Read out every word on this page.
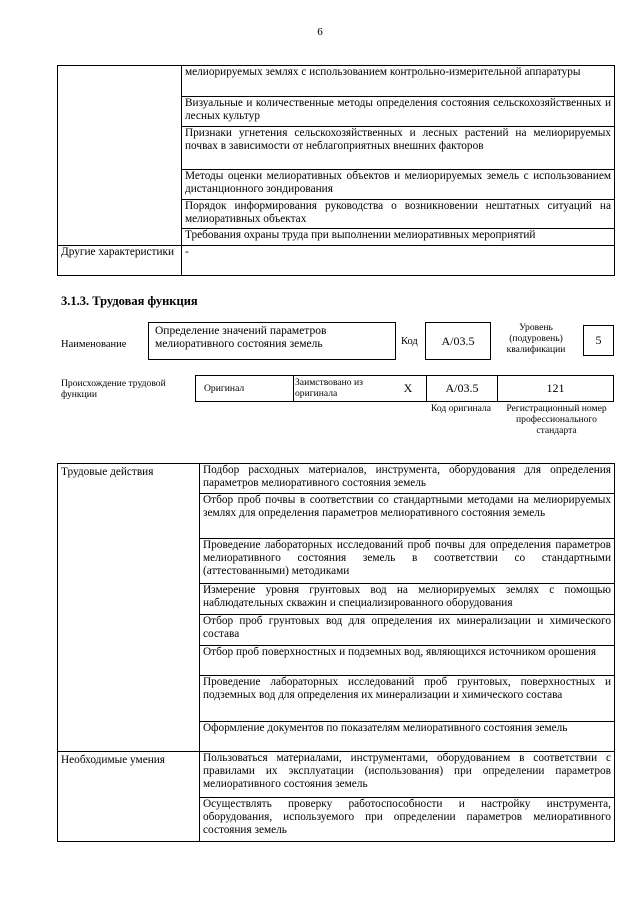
6
	мелиорируемых землях с использованием контрольно-измерительной аппаратуры
	Визуальные и количественные методы определения состояния сельскохозяйственных и лесных культур
	Признаки угнетения сельскохозяйственных и лесных растений на мелиорируемых почвах в зависимости от неблагоприятных внешних факторов
	Методы оценки мелиоративных объектов и мелиорируемых земель с использованием дистанционного зондирования
	Порядок информирования руководства о возникновении нештатных ситуаций на мелиоративных объектах
	Требования охраны труда при выполнении мелиоративных мероприятий
Другие характеристики	-
3.1.3. Трудовая функция
Наименование
Определение значений параметров мелиоративного состояния земель	Код	A/03.5
Уровень (подуровень) квалификации
5
Происхождение трудовой функции
Оригинал
Заимствовано из оригинала	X	A/03.5	121
Код оригинала	Регистрационный номер профессионального стандарта
Трудовые действия	Подбор расходных материалов, инструмента, оборудования для определения параметров мелиоративного состояния земель
	Отбор проб почвы в соответствии со стандартными методами на мелиорируемых землях для определения параметров мелиоративного состояния земель
	Проведение лабораторных исследований проб почвы для определения параметров мелиоративного состояния земель в соответствии со стандартными (аттестованными) методиками
	Измерение уровня грунтовых вод на мелиорируемых землях с помощью наблюдательных скважин и специализированного оборудования
	Отбор проб грунтовых вод для определения их минерализации и химического состава
	Отбор проб поверхностных и подземных вод, являющихся источником орошения
	Проведение лабораторных исследований проб грунтовых, поверхностных и подземных вод для определения их минерализации и химического состава
	Оформление документов по показателям мелиоративного состояния земель
Необходимые умения	Пользоваться материалами, инструментами, оборудованием в соответствии с правилами их эксплуатации (использования) при определении параметров мелиоративного состояния земель
	Осуществлять проверку работоспособности и настройку инструмента, оборудования, используемого при определении параметров мелиоративного состояния земель
